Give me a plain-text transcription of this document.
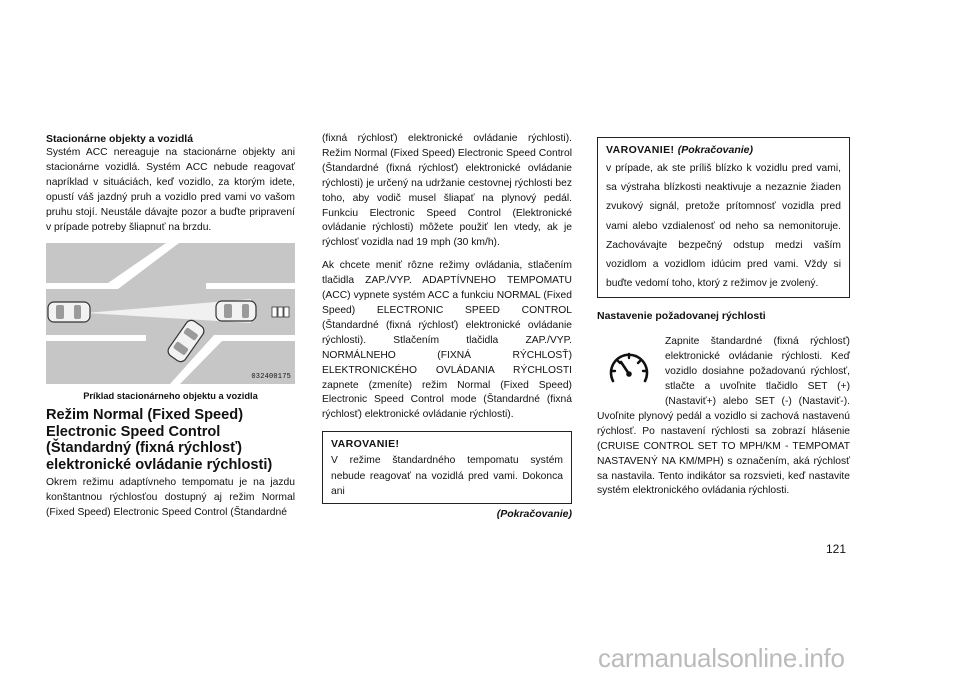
Stacionárne objekty a vozidlá

Systém ACC nereaguje na stacionárne objekty ani stacionárne vozidlá. Systém ACC nebude reagovať napríklad v situáciách, keď vozidlo, za ktorým idete, opustí váš jazdný pruh a vozidlo pred vami vo vašom pruhu stojí. Neustále dávajte pozor a buďte pripravení v prípade potreby šliapnuť na brzdu.

032400175

Príklad stacionárneho objektu a vozidla

Režim Normal (Fixed Speed) Electronic Speed Control (Štandardný (fixná rýchlosť) elektronické ovládanie rýchlosti)

Okrem režimu adaptívneho tempomatu je na jazdu konštantnou rýchlosťou dostupný aj režim Normal (Fixed Speed) Electronic Speed Control (Štandardné

(fixná rýchlosť) elektronické ovládanie rýchlosti). Režim Normal (Fixed Speed) Electronic Speed Control (Štandardné (fixná rýchlosť) elektronické ovládanie rýchlosti) je určený na udržanie cestovnej rýchlosti bez toho, aby vodič musel šliapať na plynový pedál. Funkciu Electronic Speed Control (Elektronické ovládanie rýchlosti) môžete použiť len vtedy, ak je rýchlosť vozidla nad 19 mph (30 km/h).

Ak chcete meniť rôzne režimy ovládania, stlačením tlačidla ZAP./VYP. ADAPTÍVNEHO TEMPOMATU (ACC) vypnete systém ACC a funkciu NORMAL (Fixed Speed) ELECTRONIC SPEED CONTROL (Štandardné (fixná rýchlosť) elektronické ovládanie rýchlosti). Stlačením tlačidla ZAP./VYP. NORMÁLNEHO (FIXNÁ RÝCHLOSŤ) ELEKTRONICKÉHO OVLÁDANIA RÝCHLOSTI zapnete (zmeníte) režim Normal (Fixed Speed) Electronic Speed Control mode (Štandardné (fixná rýchlosť) elektronické ovládanie rýchlosti).

VAROVANIE!

V režime štandardného tempomatu systém nebude reagovať na vozidlá pred vami. Dokonca ani

(Pokračovanie)
VAROVANIE! (Pokračovanie)

v prípade, ak ste príliš blízko k vozidlu pred vami, sa výstraha blízkosti neaktivuje a nezaznie žiaden zvukový signál, pretože prítomnosť vozidla pred vami alebo vzdialenosť od neho sa nemonitoruje. Zachovávajte bezpečný odstup medzi vaším vozidlom a vozidlom idúcim pred vami. Vždy si buďte vedomí toho, ktorý z režimov je zvolený.

Nastavenie požadovanej rýchlosti

Zapnite štandardné (fixná rýchlosť) elektronické ovládanie rýchlosti. Keď vozidlo dosiahne požadovanú rýchlosť, stlačte a uvoľnite tlačidlo SET (+) (Nastaviť+) alebo SET (-) (Nastaviť-). Uvoľnite plynový pedál a vozidlo si zachová nastavenú rýchlosť. Po nastavení rýchlosti sa zobrazí hlásenie (CRUISE CONTROL SET TO MPH/KM - TEMPOMAT NASTAVENÝ NA KM/MPH) s označením, aká rýchlosť sa nastavila. Tento indikátor sa rozsvieti, keď nastavite systém elektronického ovládania rýchlosti.

121
carmanualsonline.info
